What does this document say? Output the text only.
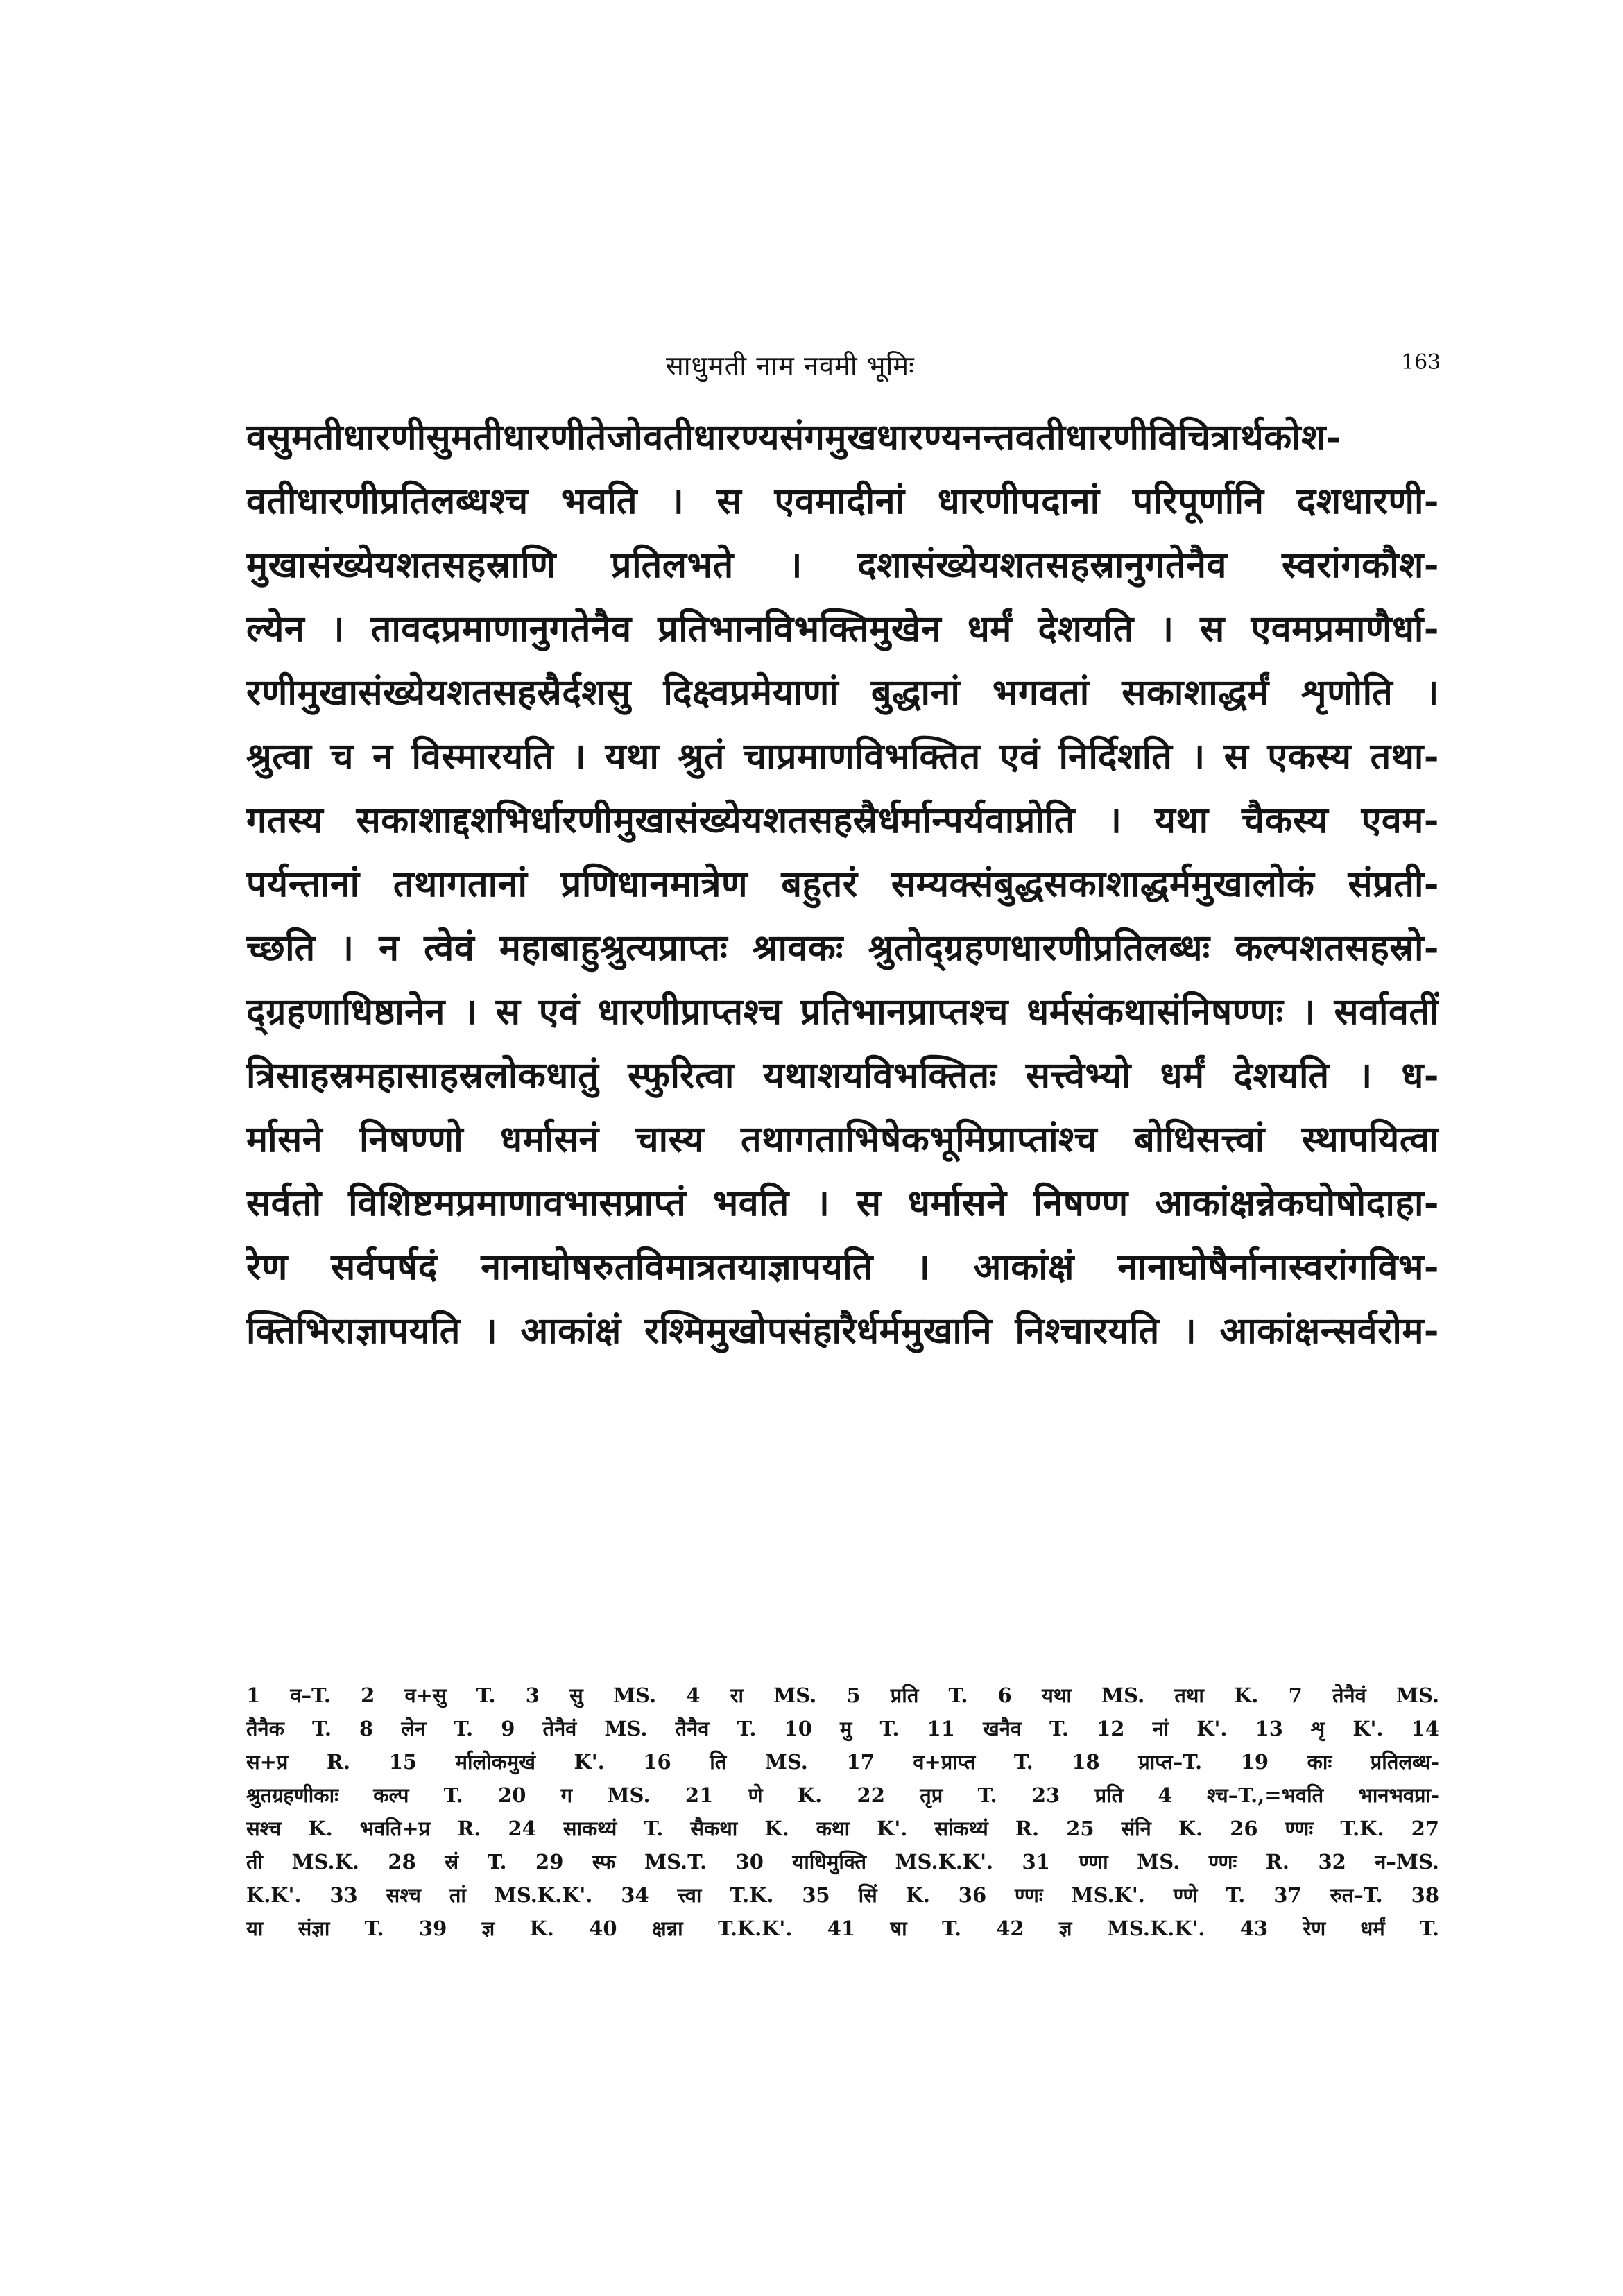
साधुमती नाम नवमी भूमिः	163
वसुमतीधारणीसुमतीधारणीतेजोवतीधारण्यसंगमुखधारण्यनन्तवतीधारणीविचित्रार्थकोश-
वतीधारणीप्रतिलब्धश्च भवति । स एवमादीनां धारणीपदानां परिपूर्णानि दशधारणी-
मुखासंख्येयशतसहस्राणि प्रतिलभते । दशासंख्येयशतसहस्रानुगतेनैव स्वरांगकौश-
ल्येन । तावदप्रमाणानुगतेनैव प्रतिभानविभक्तिमुखेन धर्मं देशयति । स एवमप्रमाणैर्धा-
रणीमुखासंख्येयशतसहस्रैर्दशसु दिक्ष्वप्रमेयाणां बुद्धानां भगवतां सकाशाद्धर्मं शृणोति ।
श्रुत्वा च न विस्मारयति । यथा श्रुतं चाप्रमाणविभक्तित एवं निर्दिशति । स एकस्य तथा-
गतस्य सकाशाद्दशभिर्धारणीमुखासंख्येयशतसहस्रैर्धर्मान्पर्यवाप्नोति । यथा चैकस्य एवम-
पर्यन्तानां तथागतानां प्रणिधानमात्रेण बहुतरं सम्यक्संबुद्धसकाशाद्धर्ममुखालोकं संप्रती-
च्छति । न त्वेवं महाबाहुश्रुत्यप्राप्तः श्रावकः श्रुतोद्ग्रहणधारणीप्रतिलब्धः कल्पशतसहस्रो-
द्ग्रहणाधिष्ठानेन । स एवं धारणीप्राप्तश्च प्रतिभानप्राप्तश्च धर्मसंकथासंनिषण्णः । सर्वावतीं
त्रिसाहस्रमहासाहस्रलोकधातुं स्फुरित्वा यथाशयविभक्तितः सत्त्वेभ्यो धर्मं देशयति । ध-
र्मासने निषण्णो धर्मासनं चास्य तथागताभिषेकभूमिप्राप्तांश्च बोधिसत्त्वां स्थापयित्वा
सर्वतो विशिष्टमप्रमाणावभासप्राप्तं भवति । स धर्मासने निषण्ण आकांक्षन्नेकघोषोदाहा-
रेण सर्वपर्षदं नानाघोषरुतविमात्रतयाज्ञापयति । आकांक्षं नानाघोषैर्नानास्वरांगविभ-
क्तिभिराज्ञापयति । आकांक्षं रश्मिमुखोपसंहारैर्धर्ममुखानि निश्चारयति । आकांक्षन्सर्वरोम-
1 व–T. 2 व+सु T. 3 सु MS. 4 रा MS. 5 प्रति T. 6 यथा MS. तथा K. 7 तेनैवं MS.
तैनैक T. 8 लेन T. 9 तेनैवं MS. तैनैव T. 10 मु T. 11 खनैव T. 12 नां K'. 13 शृ K'. 14
स+प्र R. 15 र्मालोकमुखं K'. 16 ति MS. 17 व+प्राप्त T. 18 प्राप्त–T. 19 काः प्रतिलब्ध-
श्रुतग्रहणीकाः कल्प T. 20 ग MS. 21 णे K. 22 तृप्र T. 23 प्रति 4 श्च–T.,=भवति भानभवप्रा-
सश्च K. भवति+प्र R. 24 साकथ्यं T. सैकथा K. कथा K'. सांकथ्यं R. 25 संनि K. 26 ण्णः T.K. 27
ती MS.K. 28 स्रं T. 29 स्फ MS.T. 30 याधिमुक्ति MS.K.K'. 31 ण्णा MS. ण्णः R. 32 न–MS.
K.K'. 33 सश्च तां MS.K.K'. 34 त्त्वा T.K. 35 सिं K. 36 ण्णः MS.K'. ण्णे T. 37 रुत–T. 38
या संज्ञा T. 39 ज्ञ K. 40 क्षन्ना T.K.K'. 41 षा T. 42 ज्ञ MS.K.K'. 43 रेण धर्मं T.
